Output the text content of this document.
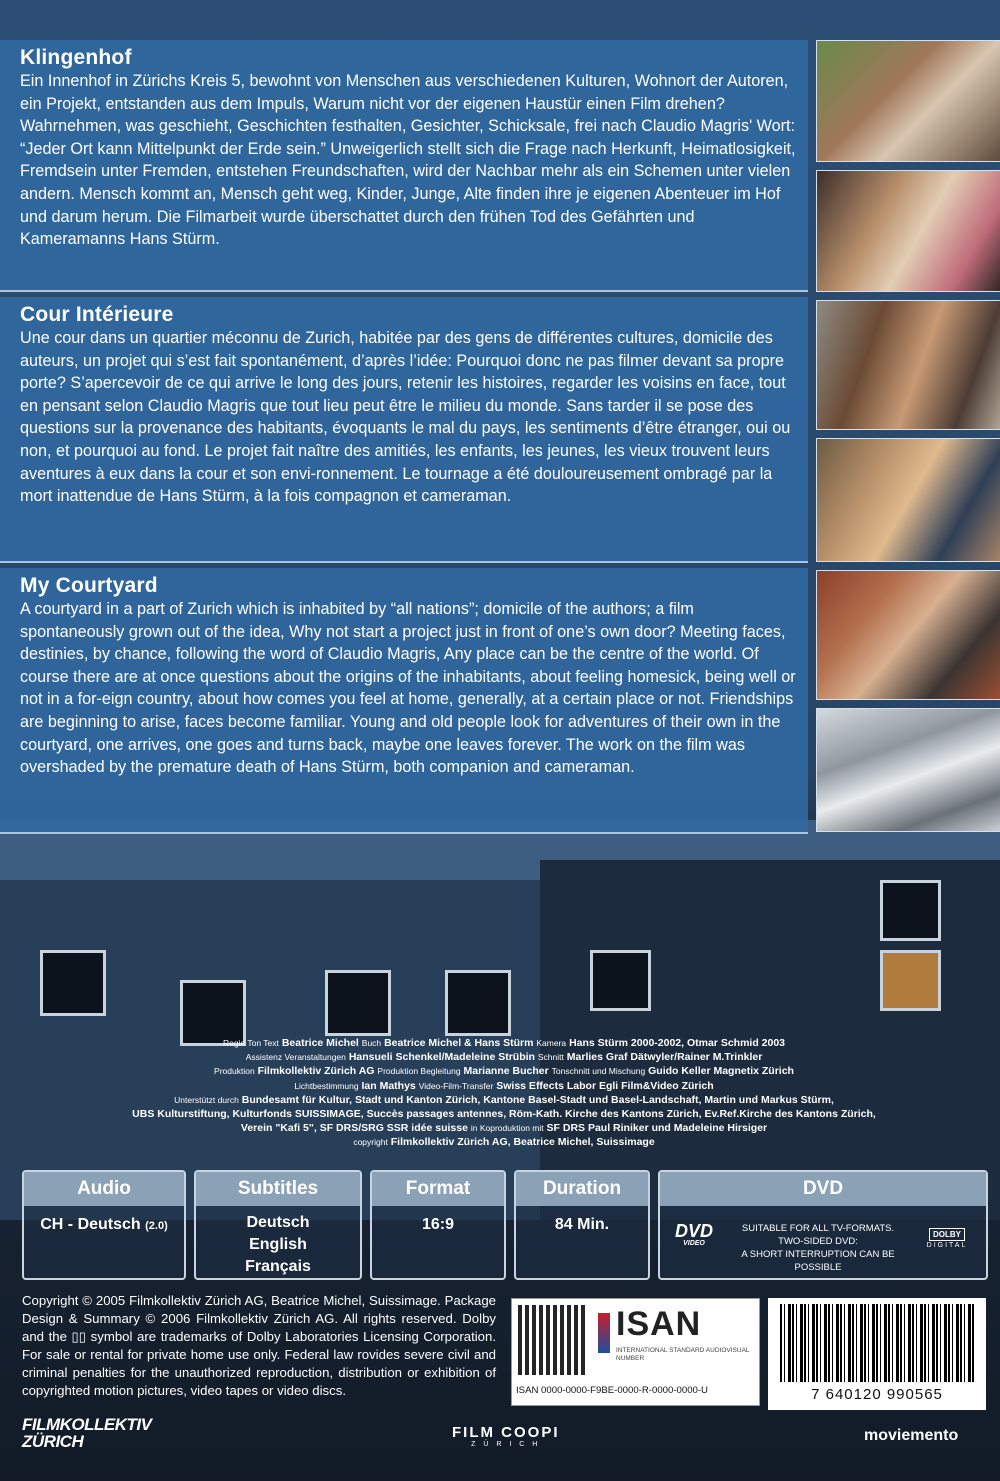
Klingenhof

Ein Innenhof in Zürichs Kreis 5, bewohnt von Menschen aus verschiedenen Kulturen, Wohnort der Autoren, ein Projekt, entstanden aus dem Impuls, Warum nicht vor der eigenen Haustür einen Film drehen? Wahrnehmen, was geschieht, Geschichten festhalten, Gesichter, Schicksale, frei nach Claudio Magris' Wort: “Jeder Ort kann Mittelpunkt der Erde sein.” Unweigerlich stellt sich die Frage nach Herkunft, Heimatlosigkeit, Fremdsein unter Fremden, entstehen Freundschaften, wird der Nachbar mehr als ein Schemen unter vielen andern. Mensch kommt an, Mensch geht weg, Kinder, Junge, Alte finden ihre je eigenen Abenteuer im Hof und darum herum. Die Filmarbeit wurde überschattet durch den frühen Tod des Gefährten und Kameramanns Hans Stürm.

Cour Intérieure

Une cour dans un quartier méconnu de Zurich, habitée par des gens de différentes cultures, domicile des auteurs, un projet qui s’est fait spontanément, d’après l’idée: Pourquoi donc ne pas filmer devant sa propre porte? S’apercevoir de ce qui arrive le long des jours, retenir les histoires, regarder les voisins en face, tout en pensant selon Claudio Magris que tout lieu peut être le milieu du monde. Sans tarder il se pose des questions sur la provenance des habitants, évoquants le mal du pays, les sentiments d’être étranger, oui ou non, et pourquoi au fond. Le projet fait naître des amitiés, les enfants, les jeunes, les vieux trouvent leurs aventures à eux dans la cour et son envi-ronnement. Le tournage a été douloureusement ombragé par la mort inattendue de Hans Stürm, à la fois compagnon et cameraman.

My Courtyard

A courtyard in a part of Zurich which is inhabited by “all nations”; domicile of the authors; a film spontaneously grown out of the idea, Why not start a project just in front of one’s own door? Meeting faces, destinies, by chance, following the word of Claudio Magris, Any place can be the centre of the world. Of course there are at once questions about the origins of the inhabitants, about feeling homesick, being well or not in a for-eign country, about how comes you feel at home, generally, at a certain place or not. Friendships are beginning to arise, faces become familiar. Young and old people look for adventures of their own in the courtyard, one arrives, one goes and turns back, maybe one leaves forever. The work on the film was overshaded by the premature death of Hans Stürm, both companion and cameraman.

Regie Ton Text Beatrice Michel Buch Beatrice Michel & Hans Stürm Kamera Hans Stürm 2000-2002, Otmar Schmid 2003
Assistenz Veranstaltungen Hansueli Schenkel/Madeleine Strübin Schnitt Marlies Graf Dätwyler/Rainer M.Trinkler
Produktion Filmkollektiv Zürich AG Produktion Begleitung Marianne Bucher Tonschnitt und Mischung Guido Keller Magnetix Zürich
Lichtbestimmung Ian Mathys Video-Film-Transfer Swiss Effects Labor Egli Film&Video Zürich
Unterstützt durch Bundesamt für Kultur, Stadt und Kanton Zürich, Kantone Basel-Stadt und Basel-Landschaft, Martin und Markus Stürm,
UBS Kulturstiftung, Kulturfonds SUISSIMAGE, Succès passages antennes, Röm-Kath. Kirche des Kantons Zürich, Ev.Ref.Kirche des Kantons Zürich,
Verein "Kafi 5", SF DRS/SRG SSR idée suisse in Koproduktion mit SF DRS Paul Riniker und Madeleine Hirsiger
copyright Filmkollektiv Zürich AG, Beatrice Michel, Suissimage
Audio
CH - Deutsch (2.0)
Subtitles
Deutsch
English
Français
Format
16:9
Duration
84 Min.
DVD
DVD
VIDEO
SUITABLE FOR ALL TV-FORMATS.
TWO-SIDED DVD:
A SHORT INTERRUPTION CAN BE POSSIBLE
DOLBY
DIGITAL
Copyright © 2005 Filmkollektiv Zürich AG, Beatrice Michel, Suissimage. Package Design & Summary © 2006 Filmkollektiv Zürich AG. All rights reserved. Dolby and the ▯▯ symbol are trademarks of Dolby Laboratories Licensing Corporation. For sale or rental for private home use only. Federal law rovides severe civil and criminal penalties for the unauthorized reproduction, distribution or exhibition of copyrighted motion pictures, video tapes or video discs.
ISAN
INTERNATIONAL STANDARD AUDIOVISUAL NUMBER
ISAN 0000-0000-F9BE-0000-R-0000-0000-U	7 640120 990565
FILMKOLLEKTIV
ZÜRICH	FILM COOPI
Z Ü R I C H
moviemento
